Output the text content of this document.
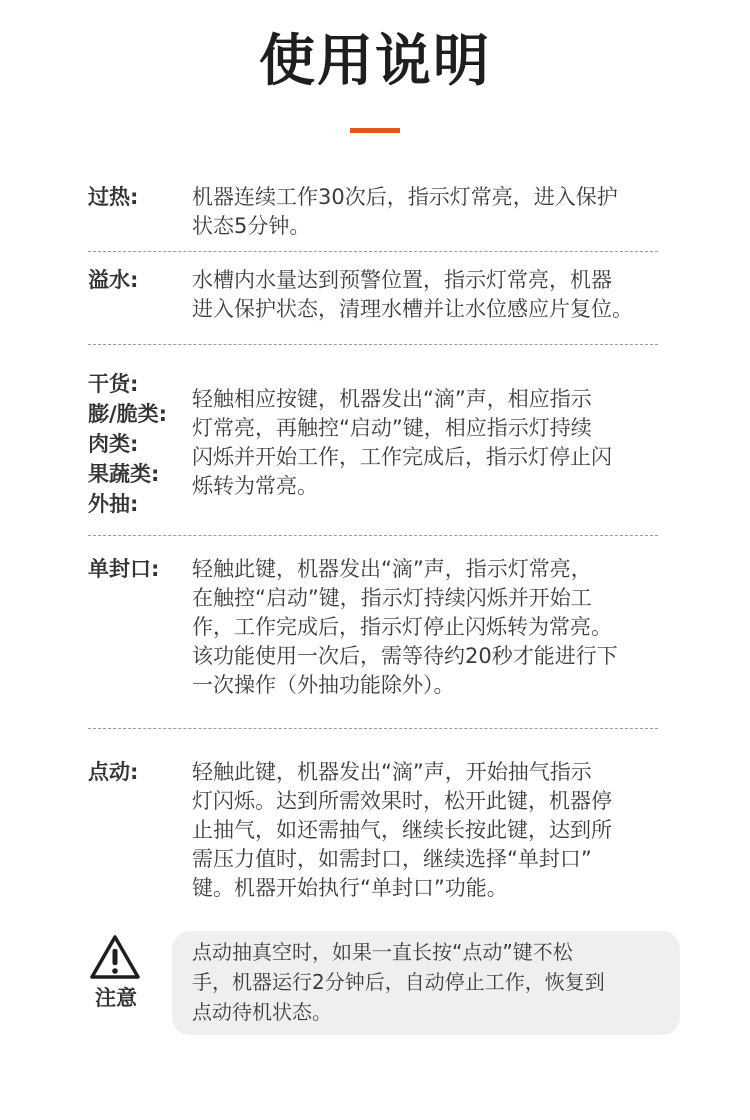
使用说明
过热:	机器连续工作30次后，指示灯常亮，进入保护
状态5分钟。
溢水:	水槽内水量达到预警位置，指示灯常亮，机器
进入保护状态，清理水槽并让水位感应片复位。
干货:
膨/脆类:
肉类:
果蔬类:
外抽:
轻触相应按键，机器发出“滴”声，相应指示
灯常亮，再触控“启动”键，相应指示灯持续
闪烁并开始工作，工作完成后，指示灯停止闪
烁转为常亮。
单封口: 轻触此键，机器发出“滴”声，指示灯常亮，
在触控“启动”键，指示灯持续闪烁并开始工
作，工作完成后，指示灯停止闪烁转为常亮。
该功能使用一次后，需等待约20秒才能进行下
一次操作（外抽功能除外）。
点动:	轻触此键，机器发出“滴”声，开始抽气指示
灯闪烁。达到所需效果时，松开此键，机器停
止抽气，如还需抽气，继续长按此键，达到所
需压力值时，如需封口，继续选择“单封口”
键。机器开始执行“单封口”功能。
注意
点动抽真空时，如果一直长按“点动”键不松
手，机器运行2分钟后，自动停止工作，恢复到
点动待机状态。
